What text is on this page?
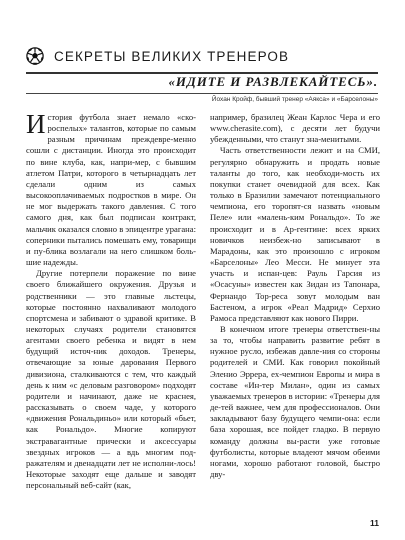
СЕКРЕТЫ ВЕЛИКИХ ТРЕНЕРОВ
«ИДИТЕ И РАЗВЛЕКАЙТЕСЬ».
Йохан Кройф, бывший тренер «Аякса» и «Барселоны»

История футбола знает немало «ско-роспелых» талантов, которые по самым разным причинам преждевре-менно сошли с дистанции. Иногда это происходит по вине клуба, как, напри-мер, с бывшим атлетом Патри, которого в четырнадцать лет сделали одним из самых высокооплачиваемых подростков в мире. Он не мог выдержать такого давления. С того самого дня, как был подписан контракт, мальчик оказался словно в эпицентре урагана: соперники пытались помешать ему, товарищи и пу-блика возлагали на него слишком боль-шие надежды.

Другие потерпели поражение по вине своего ближайшего окружения. Друзья и родственники — это главные льстецы, которые постоянно нахваливают молодого спортсмена и забивают о здравой критике. В некоторых случаях родители становятся агентами своего ребенка и видят в нем будущий источ-ник доходов. Тренеры, отвечающие за юные дарования Первого дивизиона, сталкиваются с тем, что каждый день к ним «с деловым разговором» подходят родители и начинают, даже не краснея, рассказывать о своем чаде, у которого «движения Рональдиньо» или который «бьет, как Рональдо». Многие копируют экстравагантные прически и аксессуары звездных игроков — а вдь многим под-ражателям и двенадцати лет не исполни-лось! Некоторые заходят еще дальше и заводят персональный веб-сайт (как,

например, бразилец Жеан Карлос Чера и его www.cherasite.com), с десяти лет будучи убежденными, что станут зна-менитыми.

Часть ответственности лежит и на СМИ, регулярно обнаружить и продать новые таланты до того, как необходи-мость их покупки станет очевидной для всех. Как только в Бразилии замечают потенциального чемпиона, его торопят-ся назвать «новым Пеле» или «малень-ким Рональдо». То же происходит и в Ар-гентине: всех ярких новичков неизбеж-но записывают в Марадоны, как это произошло с игроком «Барселоны» Лео Месси. Не минует эта участь и испан-цев: Рауль Гарсия из «Осасуны» известен как Зидан из Тапонара, Фернандо Тор-реса зовут молодым ван Бастеном, а игрок «Реал Мадрид» Серхио Рамоса представляют как нового Пирри.

В конечном итоге тренеры ответствен-ны за то, чтобы направить развитие ребят в нужное русло, избежав давле-ния со стороны родителей и СМИ. Как говорил покойный Эленио Эррера, ex-чемпион Европы и мира в составе «Ин-тер Милан», один из самых уважаемых тренеров в истории: «Тренеры для де-тей важнее, чем для профессионалов. Они закладывают базу будущего чемпи-она: если база хорошая, все пойдет гладко. В первую команду должны вы-расти уже готовые футболисты, которые владеют мячом обеими ногами, хорошо работают головой, быстро дву-

11
